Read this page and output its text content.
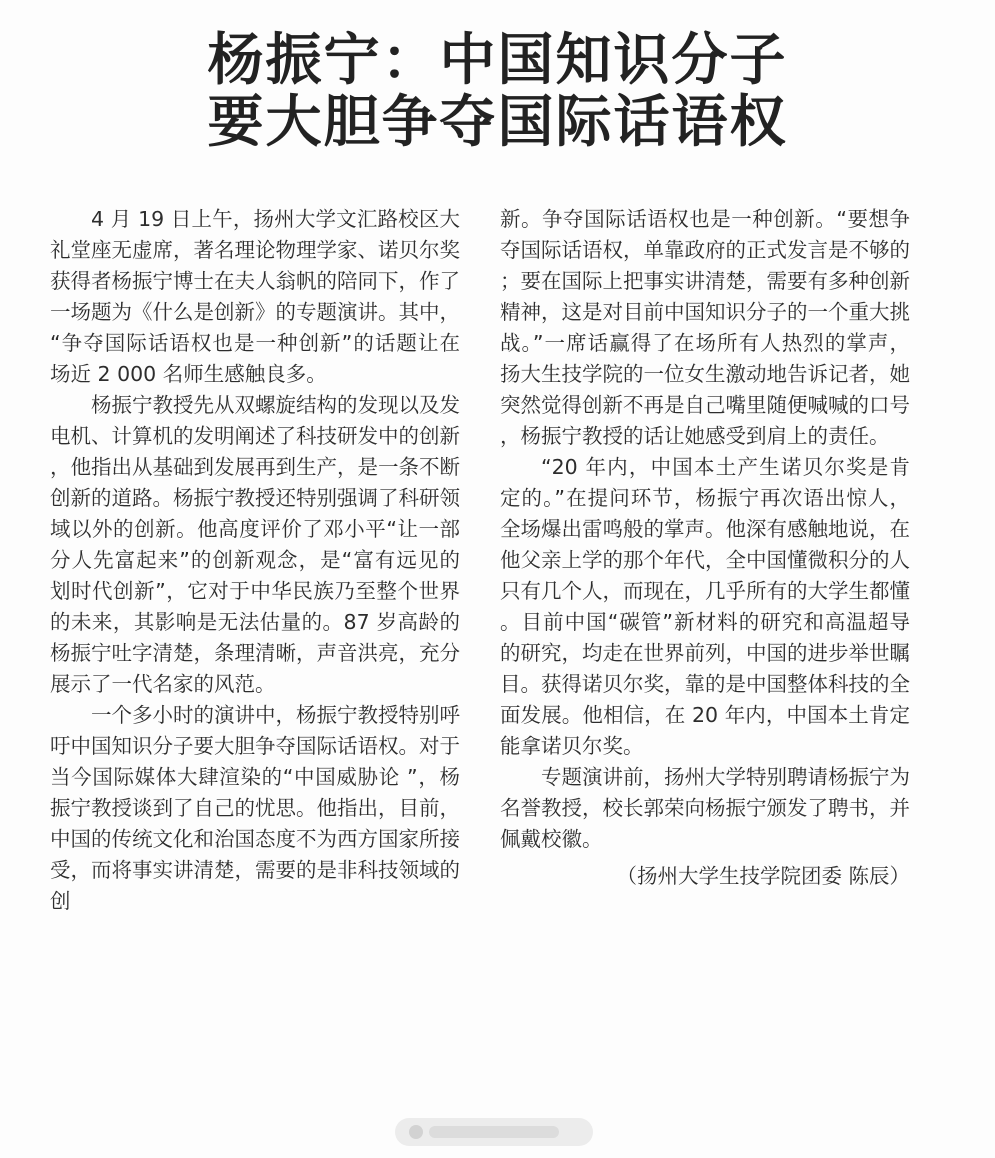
杨振宁：中国知识分子
要大胆争夺国际话语权

4 月 19 日上午，扬州大学文汇路校区大礼堂座无虚席，著名理论物理学家、诺贝尔奖获得者杨振宁博士在夫人翁帆的陪同下，作了一场题为《什么是创新》的专题演讲。其中，“争夺国际话语权也是一种创新”的话题让在场近 2 000 名师生感触良多。

杨振宁教授先从双螺旋结构的发现以及发电机、计算机的发明阐述了科技研发中的创新，他指出从基础到发展再到生产，是一条不断创新的道路。杨振宁教授还特别强调了科研领域以外的创新。他高度评价了邓小平“让一部分人先富起来”的创新观念，是“富有远见的划时代创新”，它对于中华民族乃至整个世界的未来，其影响是无法估量的。87 岁高龄的杨振宁吐字清楚，条理清晰，声音洪亮，充分展示了一代名家的风范。

一个多小时的演讲中，杨振宁教授特别呼吁中国知识分子要大胆争夺国际话语权。对于当今国际媒体大肆渲染的“中国威胁论 ”，杨振宁教授谈到了自己的忧思。他指出，目前，中国的传统文化和治国态度不为西方国家所接受，而将事实讲清楚，需要的是非科技领域的创

新。争夺国际话语权也是一种创新。“要想争夺国际话语权，单靠政府的正式发言是不够的；要在国际上把事实讲清楚，需要有多种创新精神，这是对目前中国知识分子的一个重大挑战。”一席话赢得了在场所有人热烈的掌声，扬大生技学院的一位女生激动地告诉记者，她突然觉得创新不再是自己嘴里随便喊喊的口号，杨振宁教授的话让她感受到肩上的责任。

“20 年内，中国本土产生诺贝尔奖是肯定的。”在提问环节，杨振宁再次语出惊人，全场爆出雷鸣般的掌声。他深有感触地说，在他父亲上学的那个年代，全中国懂微积分的人只有几个人，而现在，几乎所有的大学生都懂。目前中国“碳管”新材料的研究和高温超导的研究，均走在世界前列，中国的进步举世瞩目。获得诺贝尔奖，靠的是中国整体科技的全面发展。他相信，在 20 年内，中国本土肯定能拿诺贝尔奖。

专题演讲前，扬州大学特别聘请杨振宁为名誉教授，校长郭荣向杨振宁颁发了聘书，并佩戴校徽。

（扬州大学生技学院团委 陈辰）
